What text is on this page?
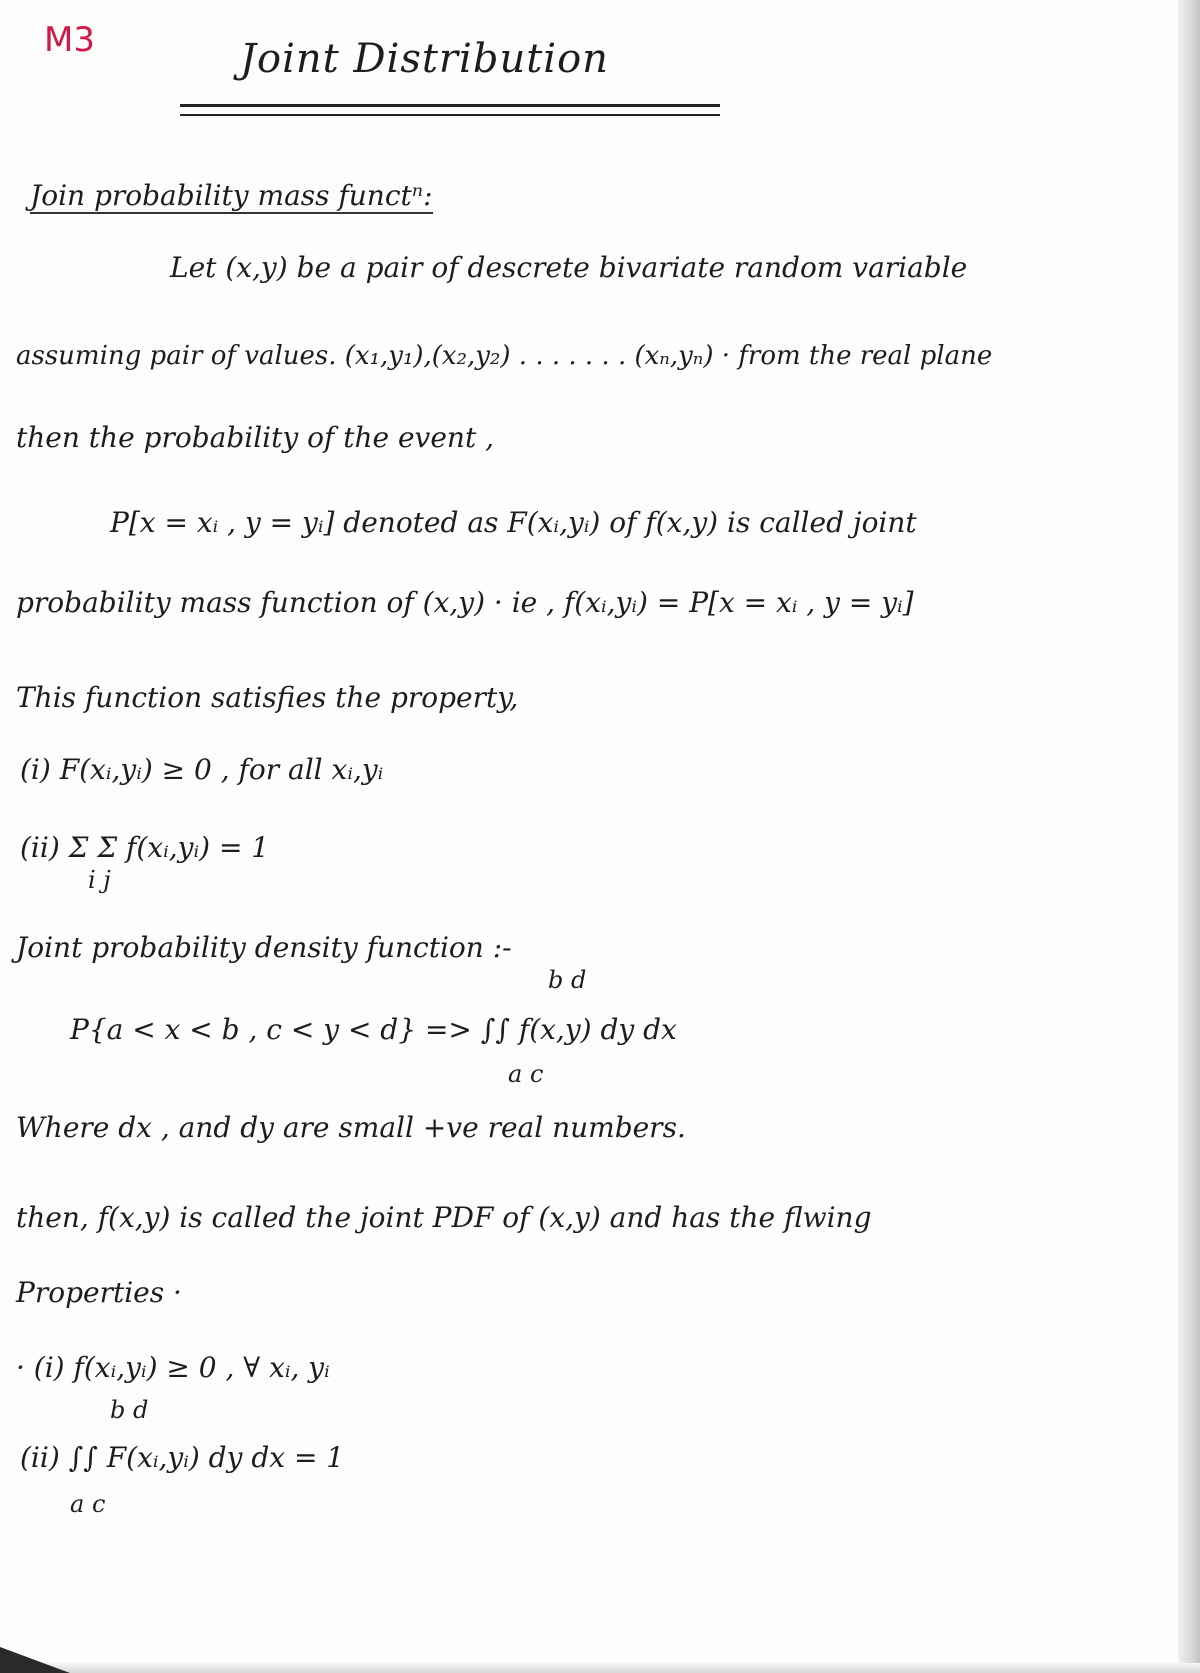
M3	Joint Distribution
Join probability mass functⁿ:
Let (x,y) be a pair of descrete bivariate random variable
assuming pair of values. (x₁,y₁),(x₂,y₂) . . . . . . . (xₙ,yₙ) · from the real plane
then the probability of the event ,
P[x = xᵢ , y = yᵢ] denoted as F(xᵢ,yᵢ) of f(x,y) is called joint
probability mass function of (x,y) · ie , f(xᵢ,yᵢ) = P[x = xᵢ , y = yᵢ]
This function satisfies the property,
(i) F(xᵢ,yᵢ) ≥ 0 , for all xᵢ,yᵢ
(ii) Σ Σ f(xᵢ,yᵢ) = 1
i j
Joint probability density function :-
b d
P{a < x < b , c < y < d} => ∫∫ f(x,y) dy dx
a c
Where dx , and dy are small +ve real numbers.
then, f(x,y) is called the joint PDF of (x,y) and has the flwing
Properties ·
· (i) f(xᵢ,yᵢ) ≥ 0 , ∀ xᵢ, yᵢ
b d
(ii) ∫∫ F(xᵢ,yᵢ) dy dx = 1
a c
